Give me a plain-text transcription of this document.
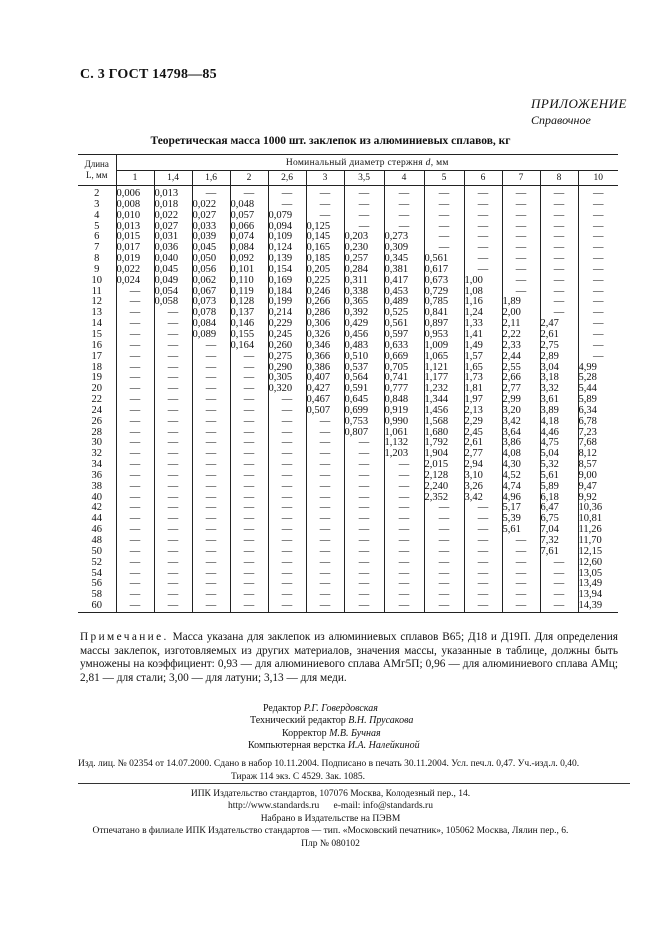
С. 3 ГОСТ 14798—85
ПРИЛОЖЕНИЕ
Справочное
Теоретическая масса 1000 шт. заклепок из алюминиевых сплавов, кг
Длина
L, мм	Номинальный диаметр стержня d, мм												
	1	1,4	1,6	2	2,6	3	3,5	4	5	6	7	8	10
2	0,006	0,013	—	—	—	—	—	—	—	—	—	—	—
3	0,008	0,018	0,022	0,048	—	—	—	—	—	—	—	—	—
4	0,010	0,022	0,027	0,057	0,079	—	—	—	—	—	—	—	—
5	0,013	0,027	0,033	0,066	0,094	0,125	—	—	—	—	—	—	—
6	0,015	0,031	0,039	0,074	0,109	0,145	0,203	0,273	—	—	—	—	—
7	0,017	0,036	0,045	0,084	0,124	0,165	0,230	0,309	—	—	—	—	—
8	0,019	0,040	0,050	0,092	0,139	0,185	0,257	0,345	0,561	—	—	—	—
9	0,022	0,045	0,056	0,101	0,154	0,205	0,284	0,381	0,617	—	—	—	—
10	0,024	0,049	0,062	0,110	0,169	0,225	0,311	0,417	0,673	1,00	—	—	—
11	—	0,054	0,067	0,119	0,184	0,246	0,338	0,453	0,729	1,08	—	—	—
12	—	0,058	0,073	0,128	0,199	0,266	0,365	0,489	0,785	1,16	1,89	—	—
13	—	—	0,078	0,137	0,214	0,286	0,392	0,525	0,841	1,24	2,00	—	—
14	—	—	0,084	0,146	0,229	0,306	0,429	0,561	0,897	1,33	2,11	2,47	—
15	—	—	0,089	0,155	0,245	0,326	0,456	0,597	0,953	1,41	2,22	2,61	—
16	—	—	—	0,164	0,260	0,346	0,483	0,633	1,009	1,49	2,33	2,75	—
17	—	—	—	—	0,275	0,366	0,510	0,669	1,065	1,57	2,44	2,89	—
18	—	—	—	—	0,290	0,386	0,537	0,705	1,121	1,65	2,55	3,04	4,99
19	—	—	—	—	0,305	0,407	0,564	0,741	1,177	1,73	2,66	3,18	5,28
20	—	—	—	—	0,320	0,427	0,591	0,777	1,232	1,81	2,77	3,32	5,44
22	—	—	—	—	—	0,467	0,645	0,848	1,344	1,97	2,99	3,61	5,89
24	—	—	—	—	—	0,507	0,699	0,919	1,456	2,13	3,20	3,89	6,34
26	—	—	—	—	—	—	0,753	0,990	1,568	2,29	3,42	4,18	6,78
28	—	—	—	—	—	—	0,807	1,061	1,680	2,45	3,64	4,46	7,23
30	—	—	—	—	—	—	—	1,132	1,792	2,61	3,86	4,75	7,68
32	—	—	—	—	—	—	—	1,203	1,904	2,77	4,08	5,04	8,12
34	—	—	—	—	—	—	—	—	2,015	2,94	4,30	5,32	8,57
36	—	—	—	—	—	—	—	—	2,128	3,10	4,52	5,61	9,00
38	—	—	—	—	—	—	—	—	2,240	3,26	4,74	5,89	9,47
40	—	—	—	—	—	—	—	—	2,352	3,42	4,96	6,18	9,92
42	—	—	—	—	—	—	—	—	—	—	5,17	6,47	10,36
44	—	—	—	—	—	—	—	—	—	—	5,39	6,75	10,81
46	—	—	—	—	—	—	—	—	—	—	5,61	7,04	11,26
48	—	—	—	—	—	—	—	—	—	—	—	7,32	11,70
50	—	—	—	—	—	—	—	—	—	—	—	7,61	12,15
52	—	—	—	—	—	—	—	—	—	—	—	—	12,60
54	—	—	—	—	—	—	—	—	—	—	—	—	13,05
56	—	—	—	—	—	—	—	—	—	—	—	—	13,49
58	—	—	—	—	—	—	—	—	—	—	—	—	13,94
60	—	—	—	—	—	—	—	—	—	—	—	—	14,39
Примечание. Масса указана для заклепок из алюминиевых сплавов В65; Д18 и Д19П. Для определения массы заклепок, изготовляемых из других материалов, значения массы, указанные в таблице, должны быть умножены на коэффициент: 0,93 — для алюминиевого сплава АМг5П; 0,96 — для алюминиевого сплава АМц; 2,81 — для стали; 3,00 — для латуни; 3,13 — для меди.
Редактор Р.Г. Говердовская
Технический редактор В.Н. Прусакова
Корректор М.В. Бучная
Компьютерная верстка И.А. Налейкиной
Изд. лиц. № 02354 от 14.07.2000. Сдано в набор 10.11.2004. Подписано в печать 30.11.2004. Усл. печ.л. 0,47. Уч.-изд.л. 0,40.
Тираж 114 экз. С 4529. Зак. 1085.
ИПК Издательство стандартов, 107076 Москва, Колодезный пер., 14.
http://www.standards.ru      e-mail: info@standards.ru
Набрано в Издательстве на ПЭВМ
Отпечатано в филиале ИПК Издательство стандартов — тип. «Московский печатник», 105062 Москва, Лялин пер., 6.
Плр № 080102
